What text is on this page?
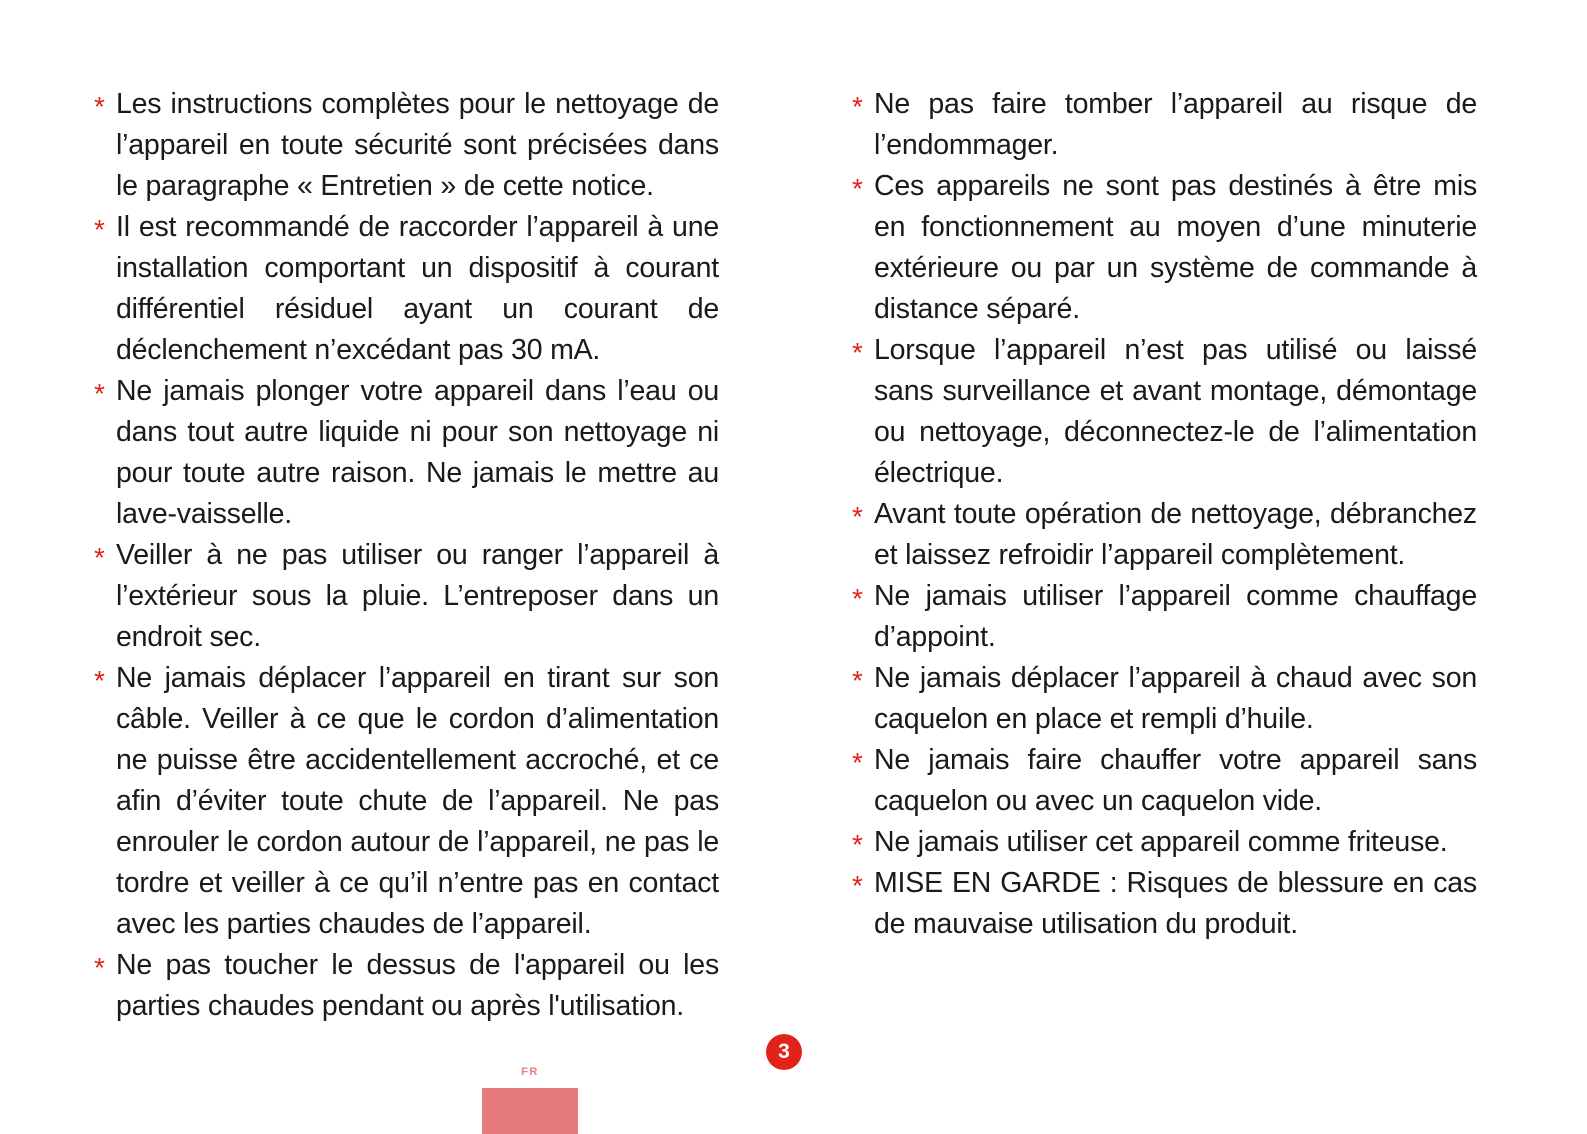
* Les instructions complètes pour le nettoyage de l’appareil en toute sécurité sont précisées dans le paragraphe « Entretien » de cette notice.
* Il est recommandé de raccorder l’appareil à une installation comportant un dispositif à courant différentiel résiduel ayant un courant de déclenchement n’excédant pas 30 mA.
* Ne jamais plonger votre appareil dans l’eau ou dans tout autre liquide ni pour son nettoyage ni pour toute autre raison. Ne jamais le mettre au lave-vaisselle.
* Veiller à ne pas utiliser ou ranger l’appareil à l’extérieur sous la pluie. L’entreposer dans un endroit sec.
* Ne jamais déplacer l’appareil en tirant sur son câble. Veiller à ce que le cordon d’alimentation ne puisse être accidentellement accroché, et ce afin d’éviter toute chute de l’appareil. Ne pas enrouler le cordon autour de l’appareil, ne pas le tordre et veiller à ce qu’il n’entre pas en contact avec les parties chaudes de l’appareil.
* Ne pas toucher le dessus de l'appareil ou les parties chaudes pendant ou après l'utilisation.
* Ne pas faire tomber l’appareil au risque de l’endommager.
* Ces appareils ne sont pas destinés à être mis en fonctionnement au moyen d’une minuterie extérieure ou par un système de commande à distance séparé.
* Lorsque l’appareil n’est pas utilisé ou laissé sans surveillance et avant montage, démontage ou nettoyage, déconnectez-le de l’alimentation électrique.
* Avant toute opération de nettoyage, débranchez et laissez refroidir l’appareil complètement.
* Ne jamais utiliser l’appareil comme chauffage d’appoint.
* Ne jamais déplacer l’appareil à chaud avec son caquelon en place et rempli d’huile.
* Ne jamais faire chauffer votre appareil sans caquelon ou avec un caquelon vide.
* Ne jamais utiliser cet appareil comme friteuse.
* MISE EN GARDE : Risques de blessure en cas de mauvaise utilisation du produit.
3
FR
